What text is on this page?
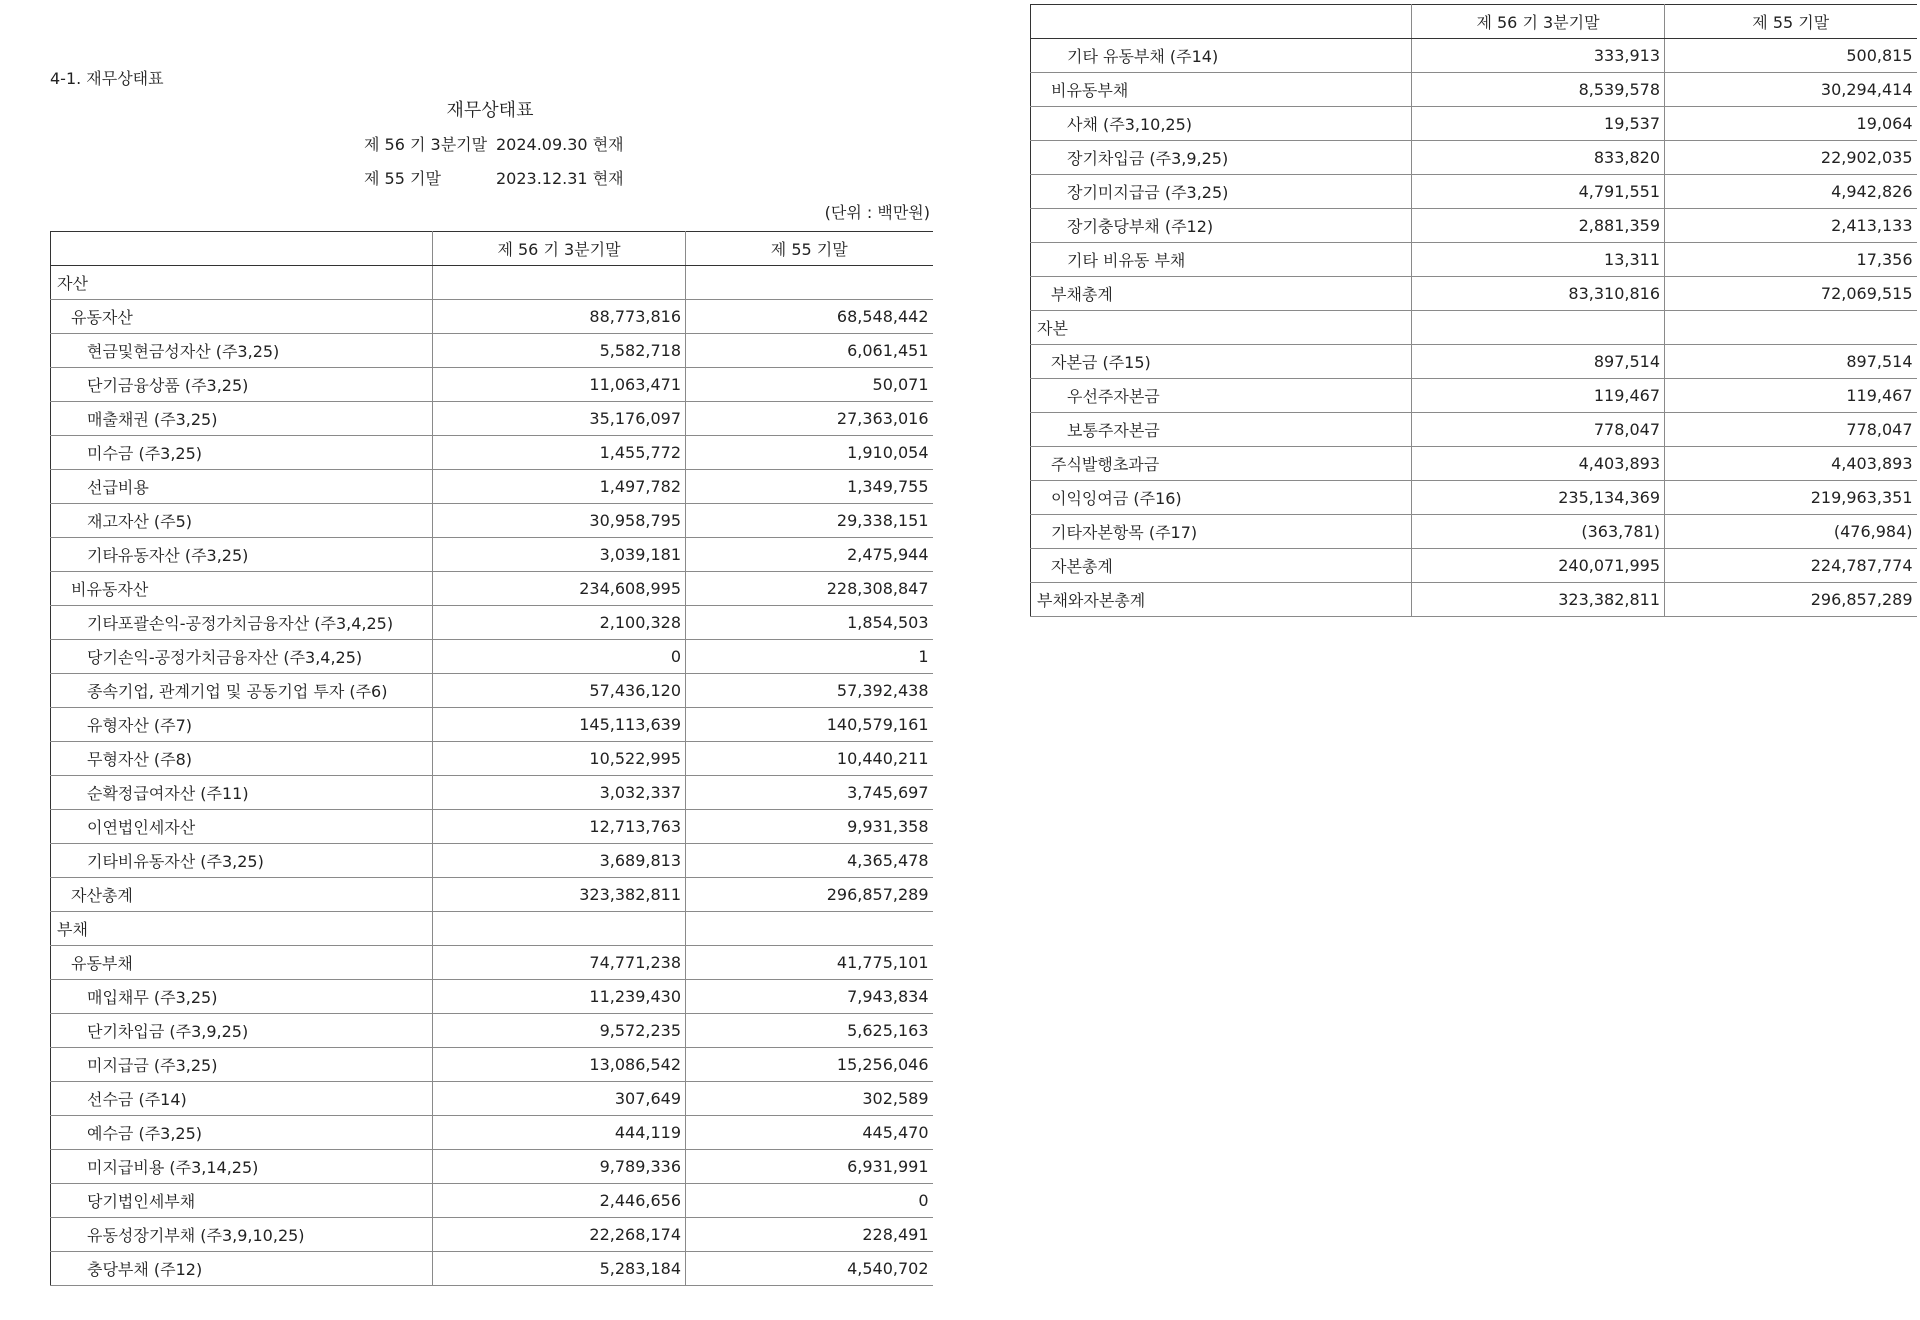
4-1. 재무상태표
재무상태표
제 56 기 3분기말 2024.09.30 현재
제 55 기말	2023.12.31 현재
(단위 : 백만원)
	제 56 기 3분기말	제 55 기말
자산		
유동자산	88,773,816	68,548,442
현금및현금성자산 (주3,25)	5,582,718	6,061,451
단기금융상품 (주3,25)	11,063,471	50,071
매출채권 (주3,25)	35,176,097	27,363,016
미수금 (주3,25)	1,455,772	1,910,054
선급비용	1,497,782	1,349,755
재고자산 (주5)	30,958,795	29,338,151
기타유동자산 (주3,25)	3,039,181	2,475,944
비유동자산	234,608,995	228,308,847
기타포괄손익-공정가치금융자산 (주3,4,25)	2,100,328	1,854,503
당기손익-공정가치금융자산 (주3,4,25)	0	1
종속기업, 관계기업 및 공동기업 투자 (주6)	57,436,120	57,392,438
유형자산 (주7)	145,113,639	140,579,161
무형자산 (주8)	10,522,995	10,440,211
순확정급여자산 (주11)	3,032,337	3,745,697
이연법인세자산	12,713,763	9,931,358
기타비유동자산 (주3,25)	3,689,813	4,365,478
자산총계	323,382,811	296,857,289
부채		
유동부채	74,771,238	41,775,101
매입채무 (주3,25)	11,239,430	7,943,834
단기차입금 (주3,9,25)	9,572,235	5,625,163
미지급금 (주3,25)	13,086,542	15,256,046
선수금 (주14)	307,649	302,589
예수금 (주3,25)	444,119	445,470
미지급비용 (주3,14,25)	9,789,336	6,931,991
당기법인세부채	2,446,656	0
유동성장기부채 (주3,9,10,25)	22,268,174	228,491
충당부채 (주12)	5,283,184	4,540,702
	제 56 기 3분기말	제 55 기말
기타 유동부채 (주14)	333,913	500,815
비유동부채	8,539,578	30,294,414
사채 (주3,10,25)	19,537	19,064
장기차입금 (주3,9,25)	833,820	22,902,035
장기미지급금 (주3,25)	4,791,551	4,942,826
장기충당부채 (주12)	2,881,359	2,413,133
기타 비유동 부채	13,311	17,356
부채총계	83,310,816	72,069,515
자본		
자본금 (주15)	897,514	897,514
우선주자본금	119,467	119,467
보통주자본금	778,047	778,047
주식발행초과금	4,403,893	4,403,893
이익잉여금 (주16)	235,134,369	219,963,351
기타자본항목 (주17)	(363,781)	(476,984)
자본총계	240,071,995	224,787,774
부채와자본총계	323,382,811	296,857,289
